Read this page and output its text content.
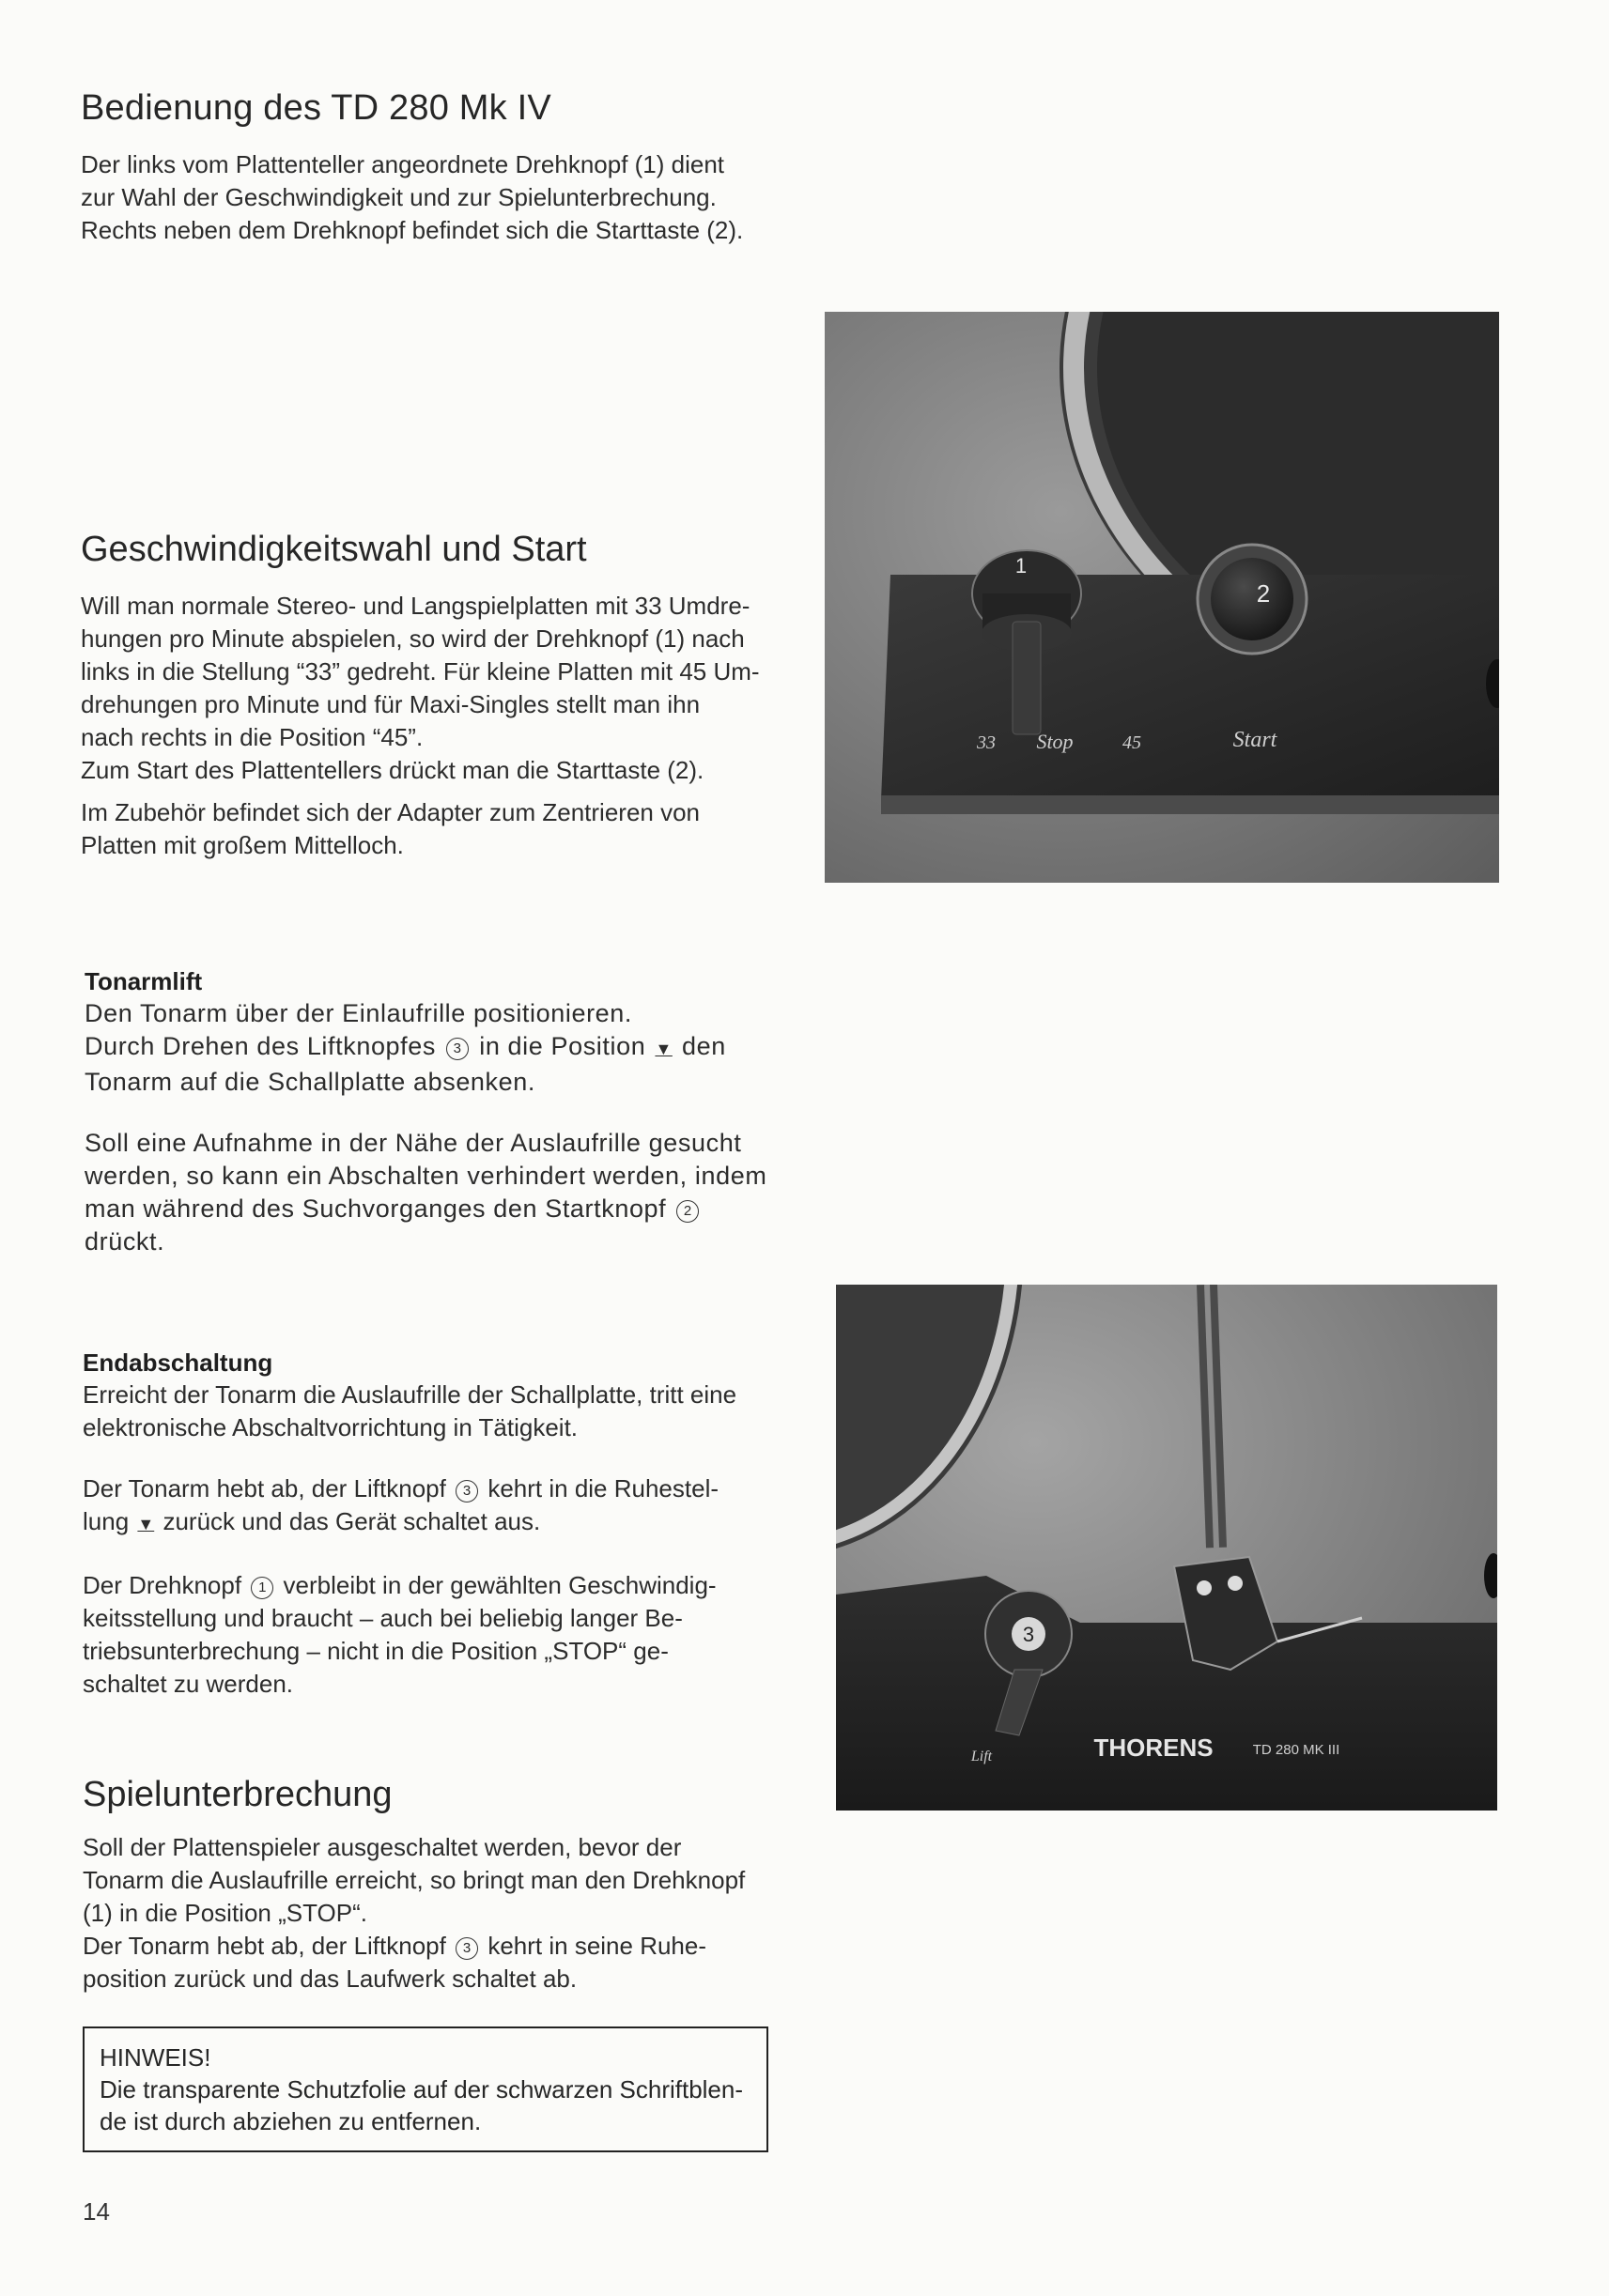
Bedienung des TD 280 Mk IV

Der links vom Plattenteller angeordnete Drehknopf (1) dient

zur Wahl der Geschwindigkeit und zur Spielunterbrechung.

Rechts neben dem Drehknopf befindet sich die Starttaste (2).

Geschwindigkeitswahl und Start

Will man normale Stereo- und Langspielplatten mit 33 Umdre-

hungen pro Minute abspielen, so wird der Drehknopf (1) nach

links in die Stellung “33” gedreht. Für kleine Platten mit 45 Um-

drehungen pro Minute und für Maxi-Singles stellt man ihn

nach rechts in die Position “45”.

Zum Start des Plattentellers drückt man die Starttaste (2).

Im Zubehör befindet sich der Adapter zum Zentrieren von

Platten mit großem Mittelloch.

1
2
33 Stop	45	Start

Tonarmlift

Den Tonarm über der Einlaufrille positionieren.

Durch Drehen des Liftknopfes 3 in die Position ▼ den

Tonarm auf die Schallplatte absenken.

Soll eine Aufnahme in der Nähe der Auslaufrille gesucht

werden, so kann ein Abschalten verhindert werden, indem

man während des Suchvorganges den Startknopf 2

drückt.

Endabschaltung

Erreicht der Tonarm die Auslaufrille der Schallplatte, tritt eine

elektronische Abschaltvorrichtung in Tätigkeit.

Der Tonarm hebt ab, der Liftknopf 3 kehrt in die Ruhestel-

lung ▼ zurück und das Gerät schaltet aus.

Der Drehknopf 1 verbleibt in der gewählten Geschwindig-

keitsstellung und braucht – auch bei beliebig langer Be-

triebsunterbrechung – nicht in die Position „STOP“ ge-

schaltet zu werden.

3
Lift	THORENS	TD 280 MK III
Spielunterbrechung

Soll der Plattenspieler ausgeschaltet werden, bevor der

Tonarm die Auslaufrille erreicht, so bringt man den Drehknopf

(1) in die Position „STOP“.

Der Tonarm hebt ab, der Liftknopf 3 kehrt in seine Ruhe-

position zurück und das Laufwerk schaltet ab.

HINWEIS!

Die transparente Schutzfolie auf der schwarzen Schriftblen-

de ist durch abziehen zu entfernen.

14
